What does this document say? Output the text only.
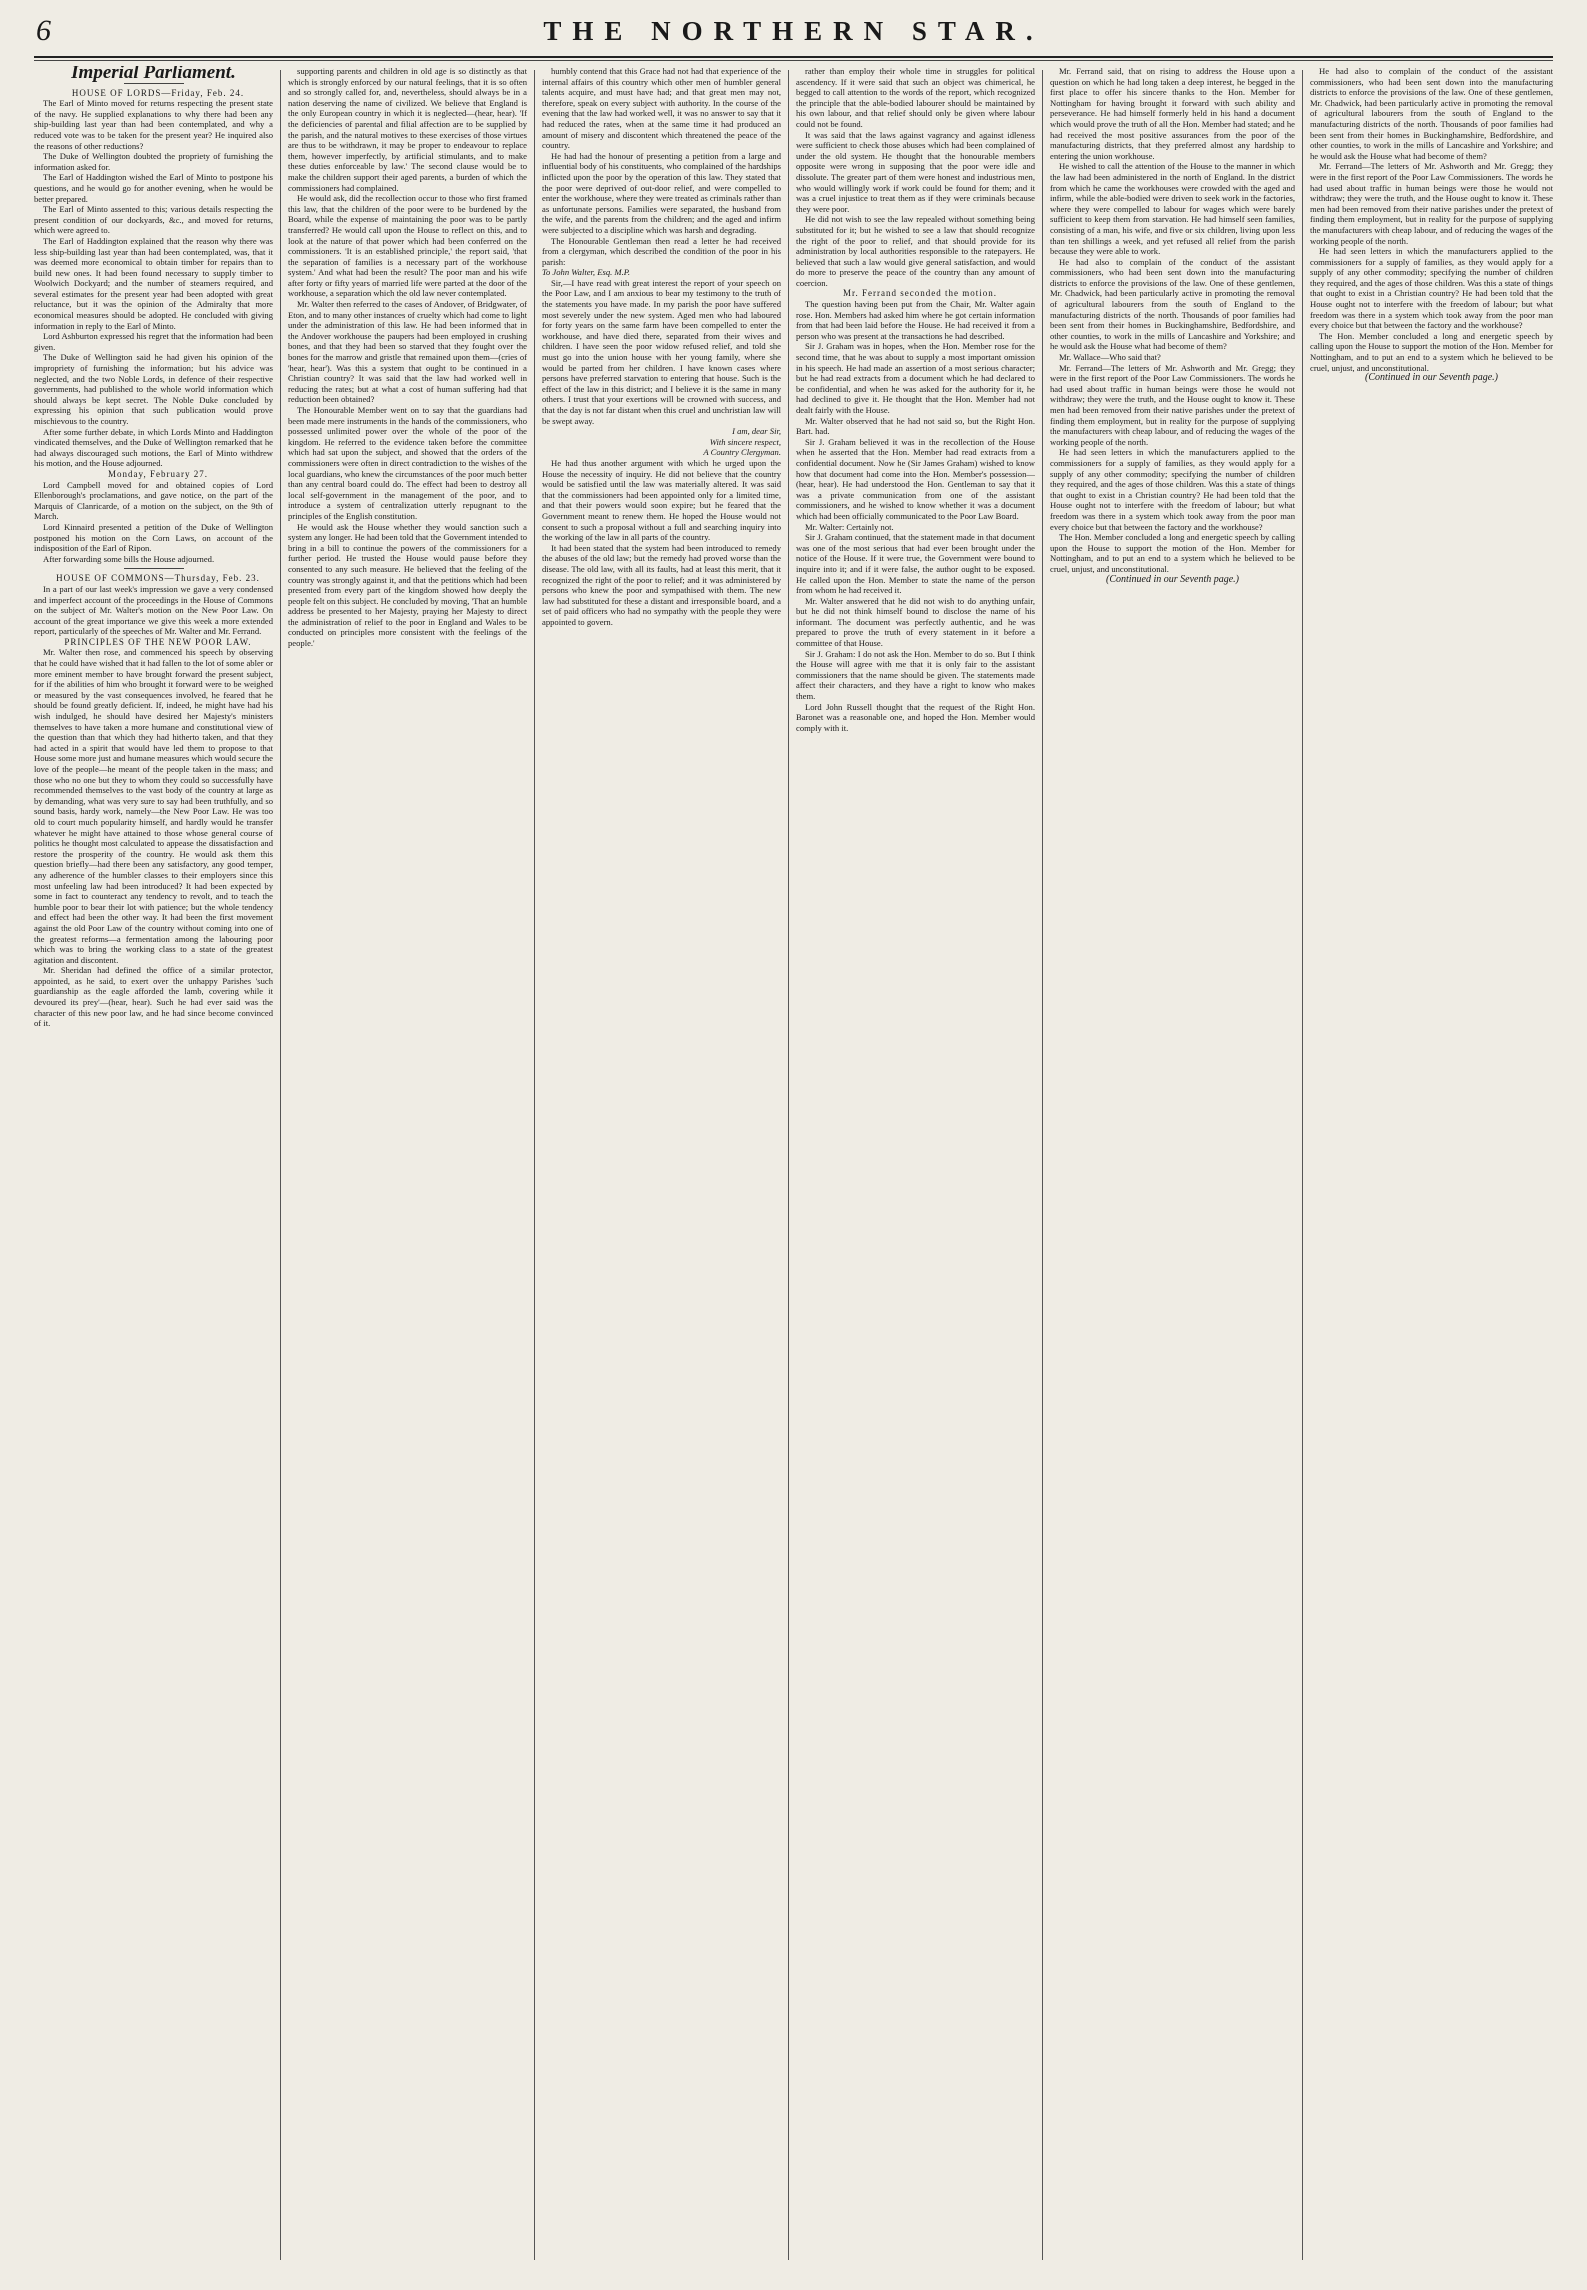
6	THE NORTHERN STAR.
Imperial Parliament.

HOUSE OF LORDS—Friday, Feb. 24.

The Earl of Minto moved for returns respecting the present state of the navy. He supplied explanations to why there had been any ship-building last year than had been contemplated, and why a reduced vote was to be taken for the present year? He inquired also the reasons of other reductions?

The Duke of Wellington doubted the propriety of furnishing the information asked for.

The Earl of Haddington wished the Earl of Minto to postpone his questions, and he would go for another evening, when he would be better prepared.

The Earl of Minto assented to this; various details respecting the present condition of our dockyards, &c., and moved for returns, which were agreed to.

The Earl of Haddington explained that the reason why there was less ship-building last year than had been contemplated, was, that it was deemed more economical to obtain timber for repairs than to build new ones. It had been found necessary to supply timber to Woolwich Dockyard; and the number of steamers required, and several estimates for the present year had been adopted with great reluctance, but it was the opinion of the Admiralty that more economical measures should be adopted. He concluded with giving information in reply to the Earl of Minto.

Lord Ashburton expressed his regret that the information had been given.

The Duke of Wellington said he had given his opinion of the impropriety of furnishing the information; but his advice was neglected, and the two Noble Lords, in defence of their respective governments, had published to the whole world information which should always be kept secret. The Noble Duke concluded by expressing his opinion that such publication would prove mischievous to the country.

After some further debate, in which Lords Minto and Haddington vindicated themselves, and the Duke of Wellington remarked that he had always discouraged such motions, the Earl of Minto withdrew his motion, and the House adjourned.

Monday, February 27.

Lord Campbell moved for and obtained copies of Lord Ellenborough's proclamations, and gave notice, on the part of the Marquis of Clanricarde, of a motion on the subject, on the 9th of March.

Lord Kinnaird presented a petition of the Duke of Wellington postponed his motion on the Corn Laws, on account of the indisposition of the Earl of Ripon.

After forwarding some bills the House adjourned.

HOUSE OF COMMONS—Thursday, Feb. 23.

In a part of our last week's impression we gave a very condensed and imperfect account of the proceedings in the House of Commons on the subject of Mr. Walter's motion on the New Poor Law. On account of the great importance we give this week a more extended report, particularly of the speeches of Mr. Walter and Mr. Ferrand.

PRINCIPLES OF THE NEW POOR LAW.

Mr. Walter then rose, and commenced his speech by observing that he could have wished that it had fallen to the lot of some abler or more eminent member to have brought forward the present subject, for if the abilities of him who brought it forward were to be weighed or measured by the vast consequences involved, he feared that he should be found greatly deficient. If, indeed, he might have had his wish indulged, he should have desired her Majesty's ministers themselves to have taken a more humane and constitutional view of the question than that which they had hitherto taken, and that they had acted in a spirit that would have led them to propose to that House some more just and humane measures which would secure the love of the people—he meant of the people taken in the mass; and those who no one but they to whom they could so successfully have recommended themselves to the vast body of the country at large as by demanding, what was very sure to say had been truthfully, and so sound basis, hardy work, namely—the New Poor Law. He was too old to court much popularity himself, and hardly would he transfer whatever he might have attained to those whose general course of politics he thought most calculated to appease the dissatisfaction and restore the prosperity of the country. He would ask them this question briefly—had there been any satisfactory, any good temper, any adherence of the humbler classes to their employers since this most unfeeling law had been introduced? It had been expected by some in fact to counteract any tendency to revolt, and to teach the humble poor to bear their lot with patience; but the whole tendency and effect had been the other way. It had been the first movement against the old Poor Law of the country without coming into one of the greatest reforms—a fermentation among the labouring poor which was to bring the working class to a state of the greatest agitation and discontent.

Mr. Sheridan had defined the office of a similar protector, appointed, as he said, to exert over the unhappy Parishes 'such guardianship as the eagle afforded the lamb, covering while it devoured its prey'—(hear, hear). Such he had ever said was the character of this new poor law, and he had since become convinced of it.

supporting parents and children in old age is so distinctly as that which is strongly enforced by our natural feelings, that it is so often and so strongly called for, and, nevertheless, should always be in a nation deserving the name of civilized. We believe that England is the only European country in which it is neglected—(hear, hear). 'If the deficiencies of parental and filial affection are to be supplied by the parish, and the natural motives to these exercises of those virtues are thus to be withdrawn, it may be proper to endeavour to replace them, however imperfectly, by artificial stimulants, and to make these duties enforceable by law.' The second clause would be to make the children support their aged parents, a burden of which the commissioners had complained.

He would ask, did the recollection occur to those who first framed this law, that the children of the poor were to be burdened by the Board, while the expense of maintaining the poor was to be partly transferred? He would call upon the House to reflect on this, and to look at the nature of that power which had been conferred on the commissioners. 'It is an established principle,' the report said, 'that the separation of families is a necessary part of the workhouse system.' And what had been the result? The poor man and his wife after forty or fifty years of married life were parted at the door of the workhouse, a separation which the old law never contemplated.

Mr. Walter then referred to the cases of Andover, of Bridgwater, of Eton, and to many other instances of cruelty which had come to light under the administration of this law. He had been informed that in the Andover workhouse the paupers had been employed in crushing bones, and that they had been so starved that they fought over the bones for the marrow and gristle that remained upon them—(cries of 'hear, hear'). Was this a system that ought to be continued in a Christian country? It was said that the law had worked well in reducing the rates; but at what a cost of human suffering had that reduction been obtained?

The Honourable Member went on to say that the guardians had been made mere instruments in the hands of the commissioners, who possessed unlimited power over the whole of the poor of the kingdom. He referred to the evidence taken before the committee which had sat upon the subject, and showed that the orders of the commissioners were often in direct contradiction to the wishes of the local guardians, who knew the circumstances of the poor much better than any central board could do. The effect had been to destroy all local self-government in the management of the poor, and to introduce a system of centralization utterly repugnant to the principles of the English constitution.

He would ask the House whether they would sanction such a system any longer. He had been told that the Government intended to bring in a bill to continue the powers of the commissioners for a further period. He trusted the House would pause before they consented to any such measure. He believed that the feeling of the country was strongly against it, and that the petitions which had been presented from every part of the kingdom showed how deeply the people felt on this subject. He concluded by moving, 'That an humble address be presented to her Majesty, praying her Majesty to direct the administration of relief to the poor in England and Wales to be conducted on principles more consistent with the feelings of the people.'

humbly contend that this Grace had not had that experience of the internal affairs of this country which other men of humbler general talents acquire, and must have had; and that great men may not, therefore, speak on every subject with authority. In the course of the evening that the law had worked well, it was no answer to say that it had reduced the rates, when at the same time it had produced an amount of misery and discontent which threatened the peace of the country.

He had had the honour of presenting a petition from a large and influential body of his constituents, who complained of the hardships inflicted upon the poor by the operation of this law. They stated that the poor were deprived of out-door relief, and were compelled to enter the workhouse, where they were treated as criminals rather than as unfortunate persons. Families were separated, the husband from the wife, and the parents from the children; and the aged and infirm were subjected to a discipline which was harsh and degrading.

The Honourable Gentleman then read a letter he had received from a clergyman, which described the condition of the poor in his parish:

To John Walter, Esq. M.P.

Sir,—I have read with great interest the report of your speech on the Poor Law, and I am anxious to bear my testimony to the truth of the statements you have made. In my parish the poor have suffered most severely under the new system. Aged men who had laboured for forty years on the same farm have been compelled to enter the workhouse, and have died there, separated from their wives and children. I have seen the poor widow refused relief, and told she must go into the union house with her young family, where she would be parted from her children. I have known cases where persons have preferred starvation to entering that house. Such is the effect of the law in this district; and I believe it is the same in many others. I trust that your exertions will be crowned with success, and that the day is not far distant when this cruel and unchristian law will be swept away.

I am, dear Sir,

With sincere respect,

A Country Clergyman.

He had thus another argument with which he urged upon the House the necessity of inquiry. He did not believe that the country would be satisfied until the law was materially altered. It was said that the commissioners had been appointed only for a limited time, and that their powers would soon expire; but he feared that the Government meant to renew them. He hoped the House would not consent to such a proposal without a full and searching inquiry into the working of the law in all parts of the country.

It had been stated that the system had been introduced to remedy the abuses of the old law; but the remedy had proved worse than the disease. The old law, with all its faults, had at least this merit, that it recognized the right of the poor to relief; and it was administered by persons who knew the poor and sympathised with them. The new law had substituted for these a distant and irresponsible board, and a set of paid officers who had no sympathy with the people they were appointed to govern.

rather than employ their whole time in struggles for political ascendency. If it were said that such an object was chimerical, he begged to call attention to the words of the report, which recognized the principle that the able-bodied labourer should be maintained by his own labour, and that relief should only be given where labour could not be found.

It was said that the laws against vagrancy and against idleness were sufficient to check those abuses which had been complained of under the old system. He thought that the honourable members opposite were wrong in supposing that the poor were idle and dissolute. The greater part of them were honest and industrious men, who would willingly work if work could be found for them; and it was a cruel injustice to treat them as if they were criminals because they were poor.

He did not wish to see the law repealed without something being substituted for it; but he wished to see a law that should recognize the right of the poor to relief, and that should provide for its administration by local authorities responsible to the ratepayers. He believed that such a law would give general satisfaction, and would do more to preserve the peace of the country than any amount of coercion.

Mr. Ferrand seconded the motion.

The question having been put from the Chair, Mr. Walter again rose. Hon. Members had asked him where he got certain information from that had been laid before the House. He had received it from a person who was present at the transactions he had described.

Sir J. Graham was in hopes, when the Hon. Member rose for the second time, that he was about to supply a most important omission in his speech. He had made an assertion of a most serious character; but he had read extracts from a document which he had declared to be confidential, and when he was asked for the authority for it, he had declined to give it. He thought that the Hon. Member had not dealt fairly with the House.

Mr. Walter observed that he had not said so, but the Right Hon. Bart. had.

Sir J. Graham believed it was in the recollection of the House when he asserted that the Hon. Member had read extracts from a confidential document. Now he (Sir James Graham) wished to know how that document had come into the Hon. Member's possession—(hear, hear). He had understood the Hon. Gentleman to say that it was a private communication from one of the assistant commissioners, and he wished to know whether it was a document which had been officially communicated to the Poor Law Board.

Mr. Walter: Certainly not.

Sir J. Graham continued, that the statement made in that document was one of the most serious that had ever been brought under the notice of the House. If it were true, the Government were bound to inquire into it; and if it were false, the author ought to be exposed. He called upon the Hon. Member to state the name of the person from whom he had received it.

Mr. Walter answered that he did not wish to do anything unfair, but he did not think himself bound to disclose the name of his informant. The document was perfectly authentic, and he was prepared to prove the truth of every statement in it before a committee of that House.

Sir J. Graham: I do not ask the Hon. Member to do so. But I think the House will agree with me that it is only fair to the assistant commissioners that the name should be given. The statements made affect their characters, and they have a right to know who makes them.

Lord John Russell thought that the request of the Right Hon. Baronet was a reasonable one, and hoped the Hon. Member would comply with it.

Mr. Ferrand said, that on rising to address the House upon a question on which he had long taken a deep interest, he begged in the first place to offer his sincere thanks to the Hon. Member for Nottingham for having brought it forward with such ability and perseverance. He had himself formerly held in his hand a document which would prove the truth of all the Hon. Member had stated; and he had received the most positive assurances from the poor of the manufacturing districts, that they preferred almost any hardship to entering the union workhouse.

He wished to call the attention of the House to the manner in which the law had been administered in the north of England. In the district from which he came the workhouses were crowded with the aged and infirm, while the able-bodied were driven to seek work in the factories, where they were compelled to labour for wages which were barely sufficient to keep them from starvation. He had himself seen families, consisting of a man, his wife, and five or six children, living upon less than ten shillings a week, and yet refused all relief from the parish because they were able to work.

He had also to complain of the conduct of the assistant commissioners, who had been sent down into the manufacturing districts to enforce the provisions of the law. One of these gentlemen, Mr. Chadwick, had been particularly active in promoting the removal of agricultural labourers from the south of England to the manufacturing districts of the north. Thousands of poor families had been sent from their homes in Buckinghamshire, Bedfordshire, and other counties, to work in the mills of Lancashire and Yorkshire; and he would ask the House what had become of them?

Mr. Wallace—Who said that?

Mr. Ferrand—The letters of Mr. Ashworth and Mr. Gregg; they were in the first report of the Poor Law Commissioners. The words he had used about traffic in human beings were those he would not withdraw; they were the truth, and the House ought to know it. These men had been removed from their native parishes under the pretext of finding them employment, but in reality for the purpose of supplying the manufacturers with cheap labour, and of reducing the wages of the working people of the north.

He had seen letters in which the manufacturers applied to the commissioners for a supply of families, as they would apply for a supply of any other commodity; specifying the number of children they required, and the ages of those children. Was this a state of things that ought to exist in a Christian country? He had been told that the House ought not to interfere with the freedom of labour; but what freedom was there in a system which took away from the poor man every choice but that between the factory and the workhouse?

The Hon. Member concluded a long and energetic speech by calling upon the House to support the motion of the Hon. Member for Nottingham, and to put an end to a system which he believed to be cruel, unjust, and unconstitutional.

(Continued in our Seventh page.)

He had also to complain of the conduct of the assistant commissioners, who had been sent down into the manufacturing districts to enforce the provisions of the law. One of these gentlemen, Mr. Chadwick, had been particularly active in promoting the removal of agricultural labourers from the south of England to the manufacturing districts of the north. Thousands of poor families had been sent from their homes in Buckinghamshire, Bedfordshire, and other counties, to work in the mills of Lancashire and Yorkshire; and he would ask the House what had become of them?

Mr. Ferrand—The letters of Mr. Ashworth and Mr. Gregg; they were in the first report of the Poor Law Commissioners. The words he had used about traffic in human beings were those he would not withdraw; they were the truth, and the House ought to know it. These men had been removed from their native parishes under the pretext of finding them employment, but in reality for the purpose of supplying the manufacturers with cheap labour, and of reducing the wages of the working people of the north.

He had seen letters in which the manufacturers applied to the commissioners for a supply of families, as they would apply for a supply of any other commodity; specifying the number of children they required, and the ages of those children. Was this a state of things that ought to exist in a Christian country? He had been told that the House ought not to interfere with the freedom of labour; but what freedom was there in a system which took away from the poor man every choice but that between the factory and the workhouse?

The Hon. Member concluded a long and energetic speech by calling upon the House to support the motion of the Hon. Member for Nottingham, and to put an end to a system which he believed to be cruel, unjust, and unconstitutional.

(Continued in our Seventh page.)
